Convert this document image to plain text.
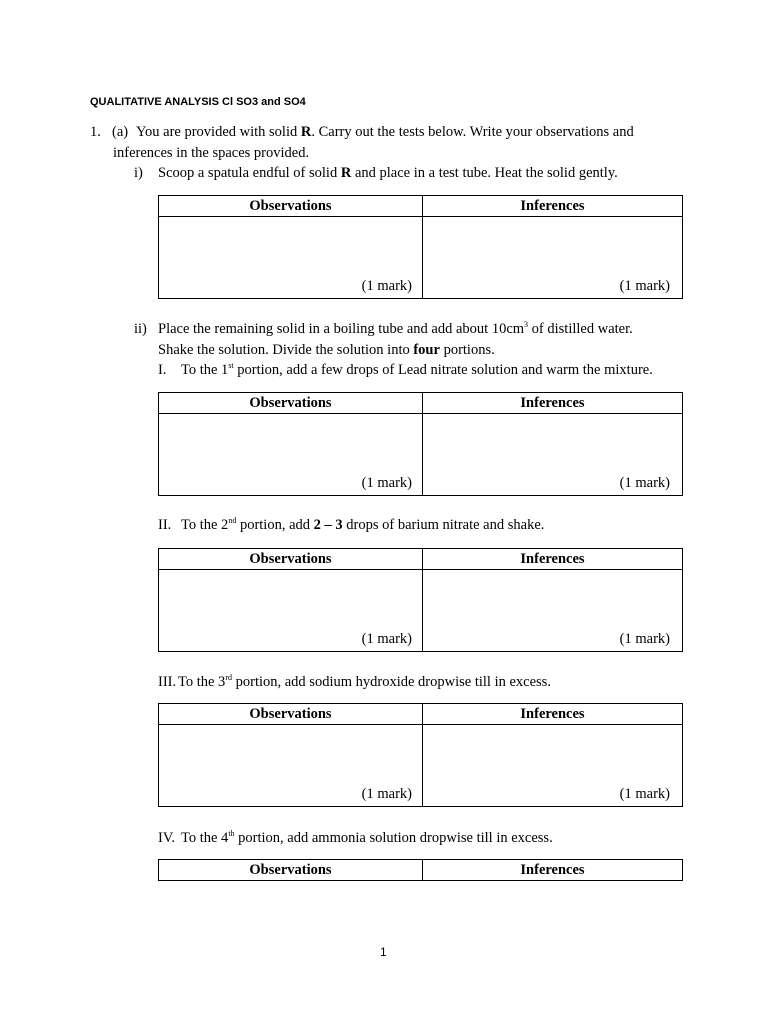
QUALITATIVE ANALYSIS Cl SO3 and SO4
1. (a) You are provided with solid R. Carry out the tests below. Write your observations and
inferences in the spaces provided.
i) Scoop a spatula endful of solid R and place in a test tube. Heat the solid gently.
Observations	Inferences

(1 mark)	(1 mark)
ii) Place the remaining solid in a boiling tube and add about $10cm^3$ of distilled water.
Shake the solution. Divide the solution into four portions.
I. To the 1st portion, add a few drops of Lead nitrate solution and warm the mixture.
Observations	Inferences

(1 mark)	(1 mark)
II. To the 2nd portion, add 2 – 3 drops of barium nitrate and shake.
Observations	Inferences

(1 mark)	(1 mark)
III. To the 3rd portion, add sodium hydroxide dropwise till in excess.
Observations	Inferences

(1 mark)	(1 mark)
IV. To the 4th portion, add ammonia solution dropwise till in excess.
Observations	Inferences
1
